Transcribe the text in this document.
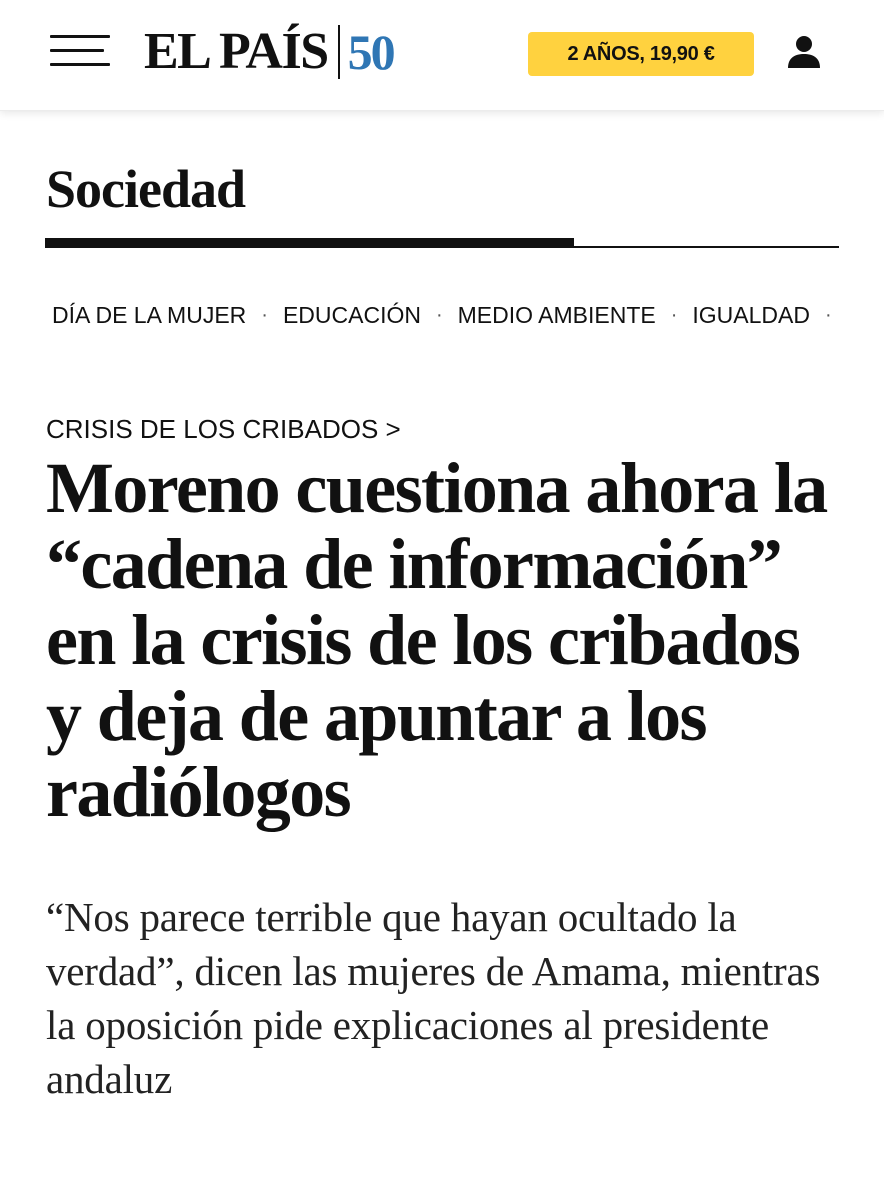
EL PAÍS 50	2 AÑOS, 19,90 €
Sociedad
DÍA DE LA MUJER · EDUCACIÓN · MEDIO AMBIENTE · IGUALDAD ·
CRISIS DE LOS CRIBADOS >
Moreno cuestiona ahora la “cadena de información” en la crisis de los cribados y deja de apuntar a los radiólogos

“Nos parece terrible que hayan ocultado la verdad”, dicen las mujeres de Amama, mientras la oposición pide explicaciones al presidente andaluz
